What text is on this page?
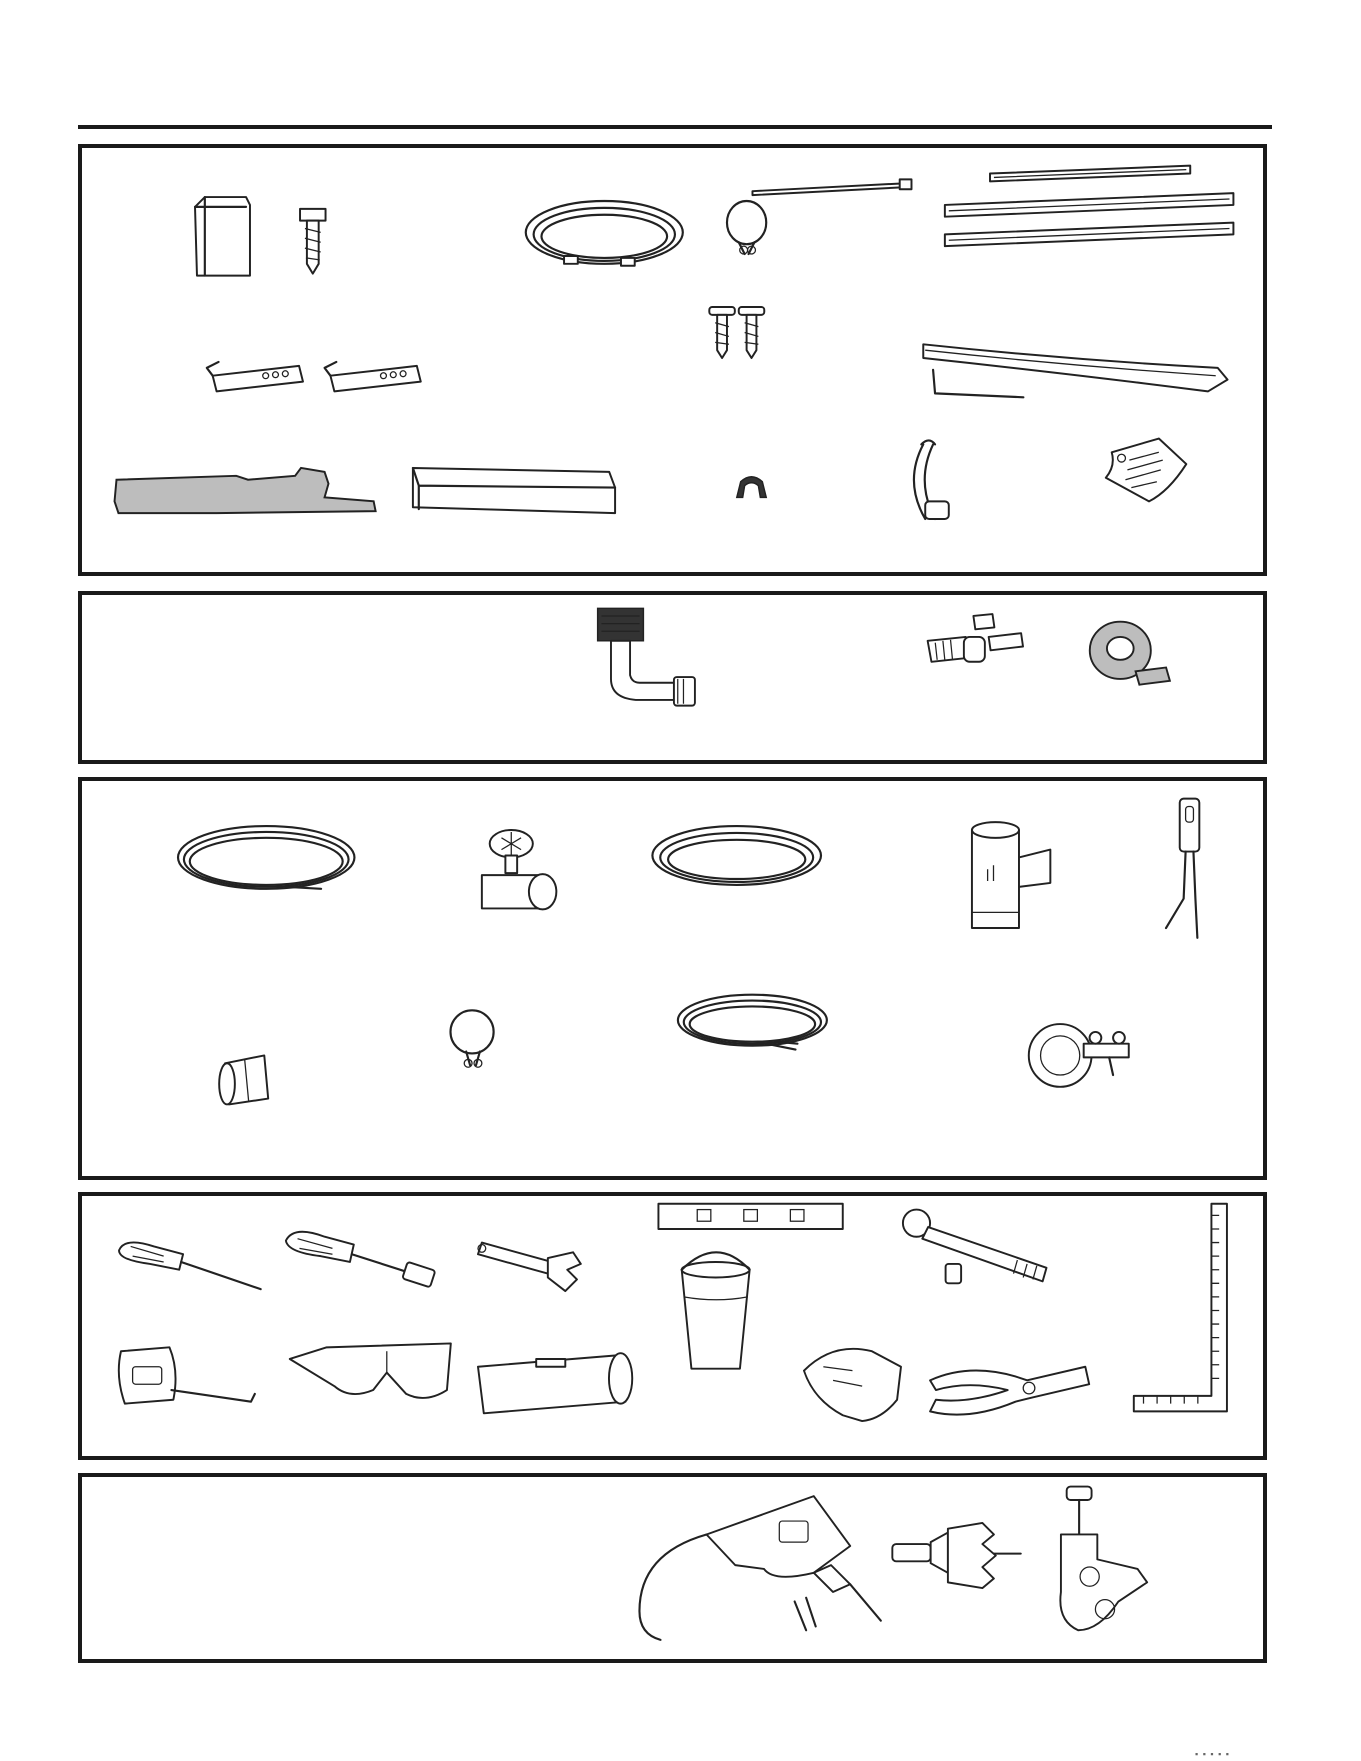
▪ ▪ ▪ ▪ ▪
